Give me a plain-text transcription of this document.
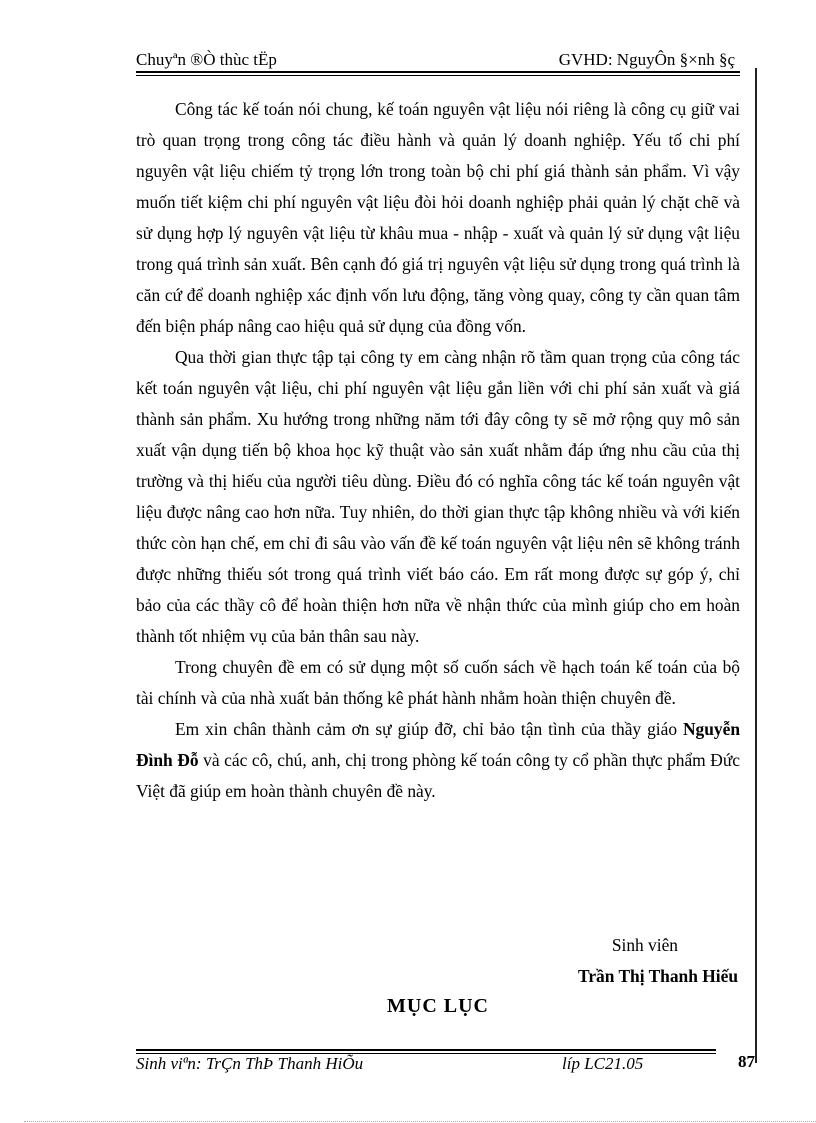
Chuyªn ®Ò thùc tËp	GVHD: NguyÔn §×nh §ç

Công tác kế toán nói chung, kế toán nguyên vật liệu nói riêng là công cụ giữ vai trò quan trọng trong công tác điều hành và quản lý doanh nghiệp. Yếu tố chi phí nguyên vật liệu chiếm tỷ trọng lớn trong toàn bộ chi phí giá thành sản phẩm. Vì vậy muốn tiết kiệm chi phí nguyên vật liệu đòi hỏi doanh nghiệp phải quản lý chặt chẽ và sử dụng hợp lý nguyên vật liệu từ khâu mua - nhập - xuất và quản lý sử dụng vật liệu trong quá trình sản xuất. Bên cạnh đó giá trị nguyên vật liệu sử dụng trong quá trình là căn cứ để doanh nghiệp xác định vốn lưu động, tăng vòng quay, công ty cần quan tâm đến biện pháp nâng cao hiệu quả sử dụng của đồng vốn.

Qua thời gian thực tập tại công ty em càng nhận rõ tầm quan trọng của công tác kết toán nguyên vật liệu, chi phí nguyên vật liệu gắn liền với chi phí sản xuất và giá thành sản phẩm. Xu hướng trong những năm tới đây công ty sẽ mở rộng quy mô sản xuất vận dụng tiến bộ khoa học kỹ thuật vào sản xuất nhằm đáp ứng nhu cầu của thị trường và thị hiếu của người tiêu dùng. Điều đó có nghĩa công tác kế toán nguyên vật liệu được nâng cao hơn nữa. Tuy nhiên, do thời gian thực tập không nhiều và với kiến thức còn hạn chế, em chỉ đi sâu vào vấn đề kế toán nguyên vật liệu nên sẽ không tránh được những thiếu sót trong quá trình viết báo cáo. Em rất mong được sự góp ý, chỉ bảo của các thầy cô để hoàn thiện hơn nữa về nhận thức của mình giúp cho em hoàn thành tốt nhiệm vụ của bản thân sau này.

Trong chuyên đề em có sử dụng một số cuốn sách về hạch toán kế toán của bộ tài chính và của nhà xuất bản thống kê phát hành nhằm hoàn thiện chuyên đề.

Em xin chân thành cảm ơn sự giúp đỡ, chỉ bảo tận tình của thầy giáo Nguyễn Đình Đỗ và các cô, chú, anh, chị trong phòng kế toán công ty cổ phần thực phẩm Đức Việt đã giúp em hoàn thành chuyên đề này.

Sinh viên
Trần Thị Thanh Hiếu
MỤC LỤC
Sinh viªn: TrÇn ThÞ Thanh HiÕu	líp LC21.05	87
